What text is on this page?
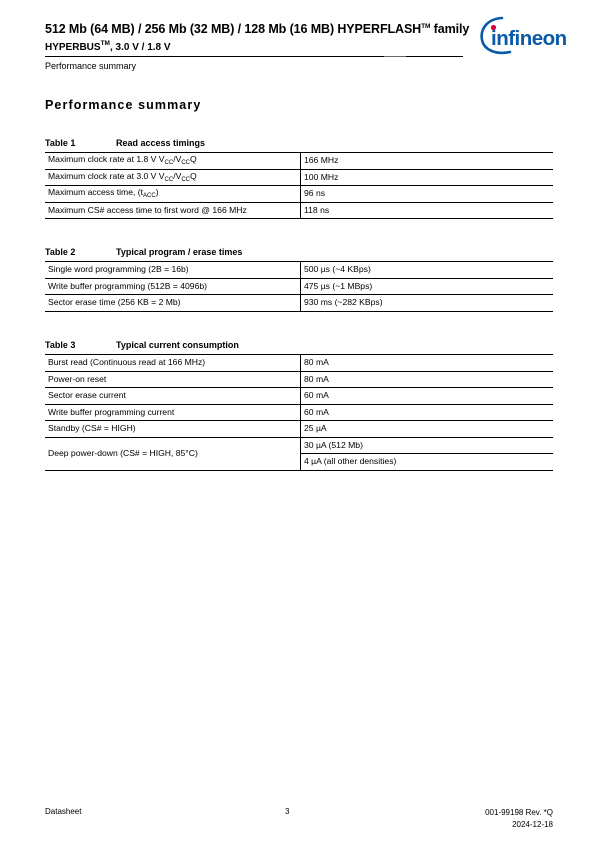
512 Mb (64 MB) / 256 Mb (32 MB) / 128 Mb (16 MB) HYPERFLASH™ family
HYPERBUS™, 3.0 V / 1.8 V
Performance summary
infineon
Performance summary
Table 1	Read access timings
Maximum clock rate at 1.8 V $V_{CC}/V_{CC}Q$	166 MHz
Maximum clock rate at 3.0 V $V_{CC}/V_{CC}Q$	100 MHz
Maximum access time, $(t_{ACC})$	96 ns
Maximum CS# access time to first word @ 166 MHz	118 ns
Table 2	Typical program / erase times
Single word programming (2B = 16b)	500 µs (~4 KBps)
Write buffer programming (512B = 4096b)	475 µs (~1 MBps)
Sector erase time (256 KB = 2 Mb)	930 ms (~282 KBps)
Table 3	Typical current consumption
Burst read (Continuous read at 166 MHz)	80 mA
Power-on reset	80 mA
Sector erase current	60 mA
Write buffer programming current	60 mA
Standby (CS# = HIGH)	25 µA
Deep power-down (CS# = HIGH, 85°C)	30 µA (512 Mb)
	4 µA (all other densities)
Datasheet	3	001-99198 Rev. *Q
2024-12-18
